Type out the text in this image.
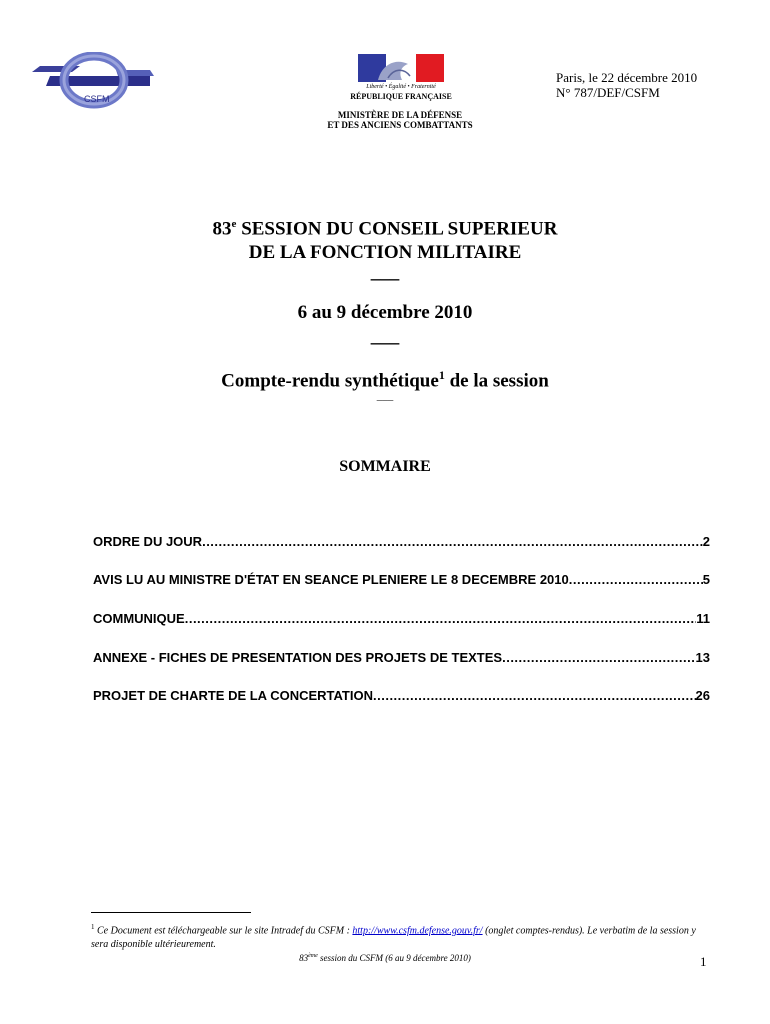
CSFM
Liberté • Égalité • Fraternité
RÉPUBLIQUE FRANÇAISE
MINISTÈRE DE LA DÉFENSE
ET DES ANCIENS COMBATTANTS
Paris, le 22 décembre 2010
N° 787/DEF/CSFM
83e SESSION DU CONSEIL SUPERIEUR
DE LA FONCTION MILITAIRE
___
6 au 9 décembre 2010
___
Compte-rendu synthétique$^1$ de la session
___
SOMMAIRE
ORDRE DU JOUR .....	2
AVIS LU AU MINISTRE D'ÉTAT EN SEANCE PLENIERE LE 8 DECEMBRE 2010 .....	5
COMMUNIQUE .....	11
ANNEXE - FICHES DE PRESENTATION DES PROJETS DE TEXTES .....	13
PROJET DE CHARTE DE LA CONCERTATION .....	26
$^1$ Ce Document est téléchargeable sur le site Intradef du CSFM : http://www.csfm.defense.gouv.fr/ (onglet comptes-rendus). Le verbatim de la session y sera disponible ultérieurement.
83ème session du CSFM (6 au 9 décembre 2010)	1
